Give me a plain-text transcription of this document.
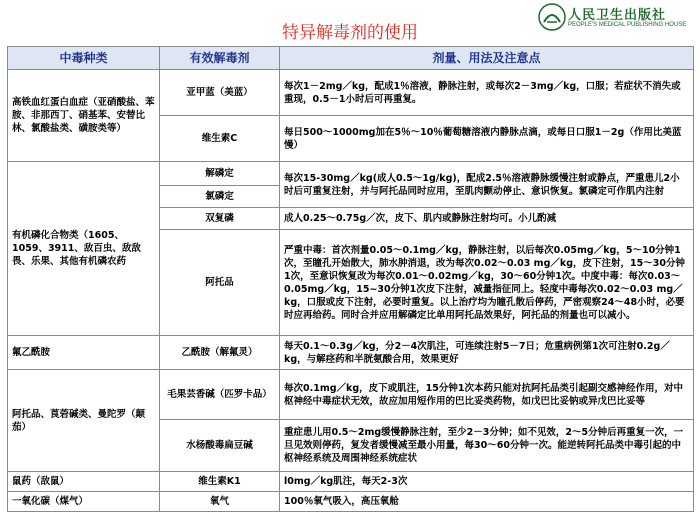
特异解毒剂的使用
人民卫生出版社
PEOPLE'S MEDICAL PUBLISHING HOUSE
中毒种类	有效解毒剂	剂量、用法及注意点
高铁血红蛋白血症（亚硝酸盐、苯胺、非那西丁、硝基苯、安替比林、氯酸盐类、磺胺类等）	亚甲蓝（美蓝）	每次1－2mg／kg，配成1％溶液，静脉注射，或每次2－3mg／kg，口服；若症状不消失或重现，0.5－1小时后可再重复。
	维生素C	每日500～1000mg加在5％～10％葡萄糖溶液内静脉点滴，或每日口服1－2g（作用比美蓝慢）
有机磷化合物类（1605、1059、3911、敌百虫、敌敌畏、乐果、其他有机磷农药	解磷定	每次15-30mg／kg(成人0.5～1g/kg)，配成2.5％溶液静脉缓慢注射或静点，严重患儿2小时后可重复注射，并与阿托品同时应用，至肌肉颤动停止、意识恢复。氯磷定可作肌内注射
	氯磷定	
	双复磷	成人0.25～0.75g／次，皮下、肌内或静脉注射均可。小儿酌减
	阿托品	严重中毒：首次剂量0.05～0.1mg／kg，静脉注射，以后每次0.05mg／kg，5～10分钟1次，至瞳孔开始散大，肺水肿消退，改为每次0.02～0.03 mg／kg，皮下注射，15～30分钟1次，至意识恢复改为每次0.01～0.02mg／kg，30～60分钟1次。中度中毒：每次0.03～0.05mg／kg，15~30分钟1次皮下注射，减量指征同上。轻度中毒每次0.02～0.03 mg／kg，口服或皮下注射，必要时重复。以上治疗均为瞳孔散后停药，严密观察24～48小时，必要时应再给药。同时合并应用解磷定比单用阿托品效果好，阿托品的剂量也可以减小。
氟乙酰胺	乙酰胺（解氟灵）	每天0.1～0.3g／kg，分2－4次肌注，可连续注射5－7日；危重病例第1次可注射0.2g／kg，与解痉药和半胱氨酸合用，效果更好
阿托品、莨菪碱类、曼陀罗（颠茄）	毛果芸香碱（匹罗卡品）	每次0.1mg／kg，皮下或肌注，15分钟1次本药只能对抗阿托品类引起副交感神经作用，对中枢神经中毒症状无效，故应加用短作用的巴比妥类药物，如戊巴比妥钠或异戊巴比妥等
	水杨酸毒扁豆碱	重症患儿用0.5～2mg缓慢静脉注射，至少2－3分钟；如不见效，2～5分钟后再重复一次，一旦见效则停药，复发者缓慢减至最小用量，每30～60分钟一次。能逆转阿托品类中毒引起的中枢神经系统及周围神经系统症状
鼠药（敌鼠）	维生素K1	l0mg／kg肌注，每天2-3次
一氧化碳（煤气）	氧气	100％氧气吸入，高压氧舱
